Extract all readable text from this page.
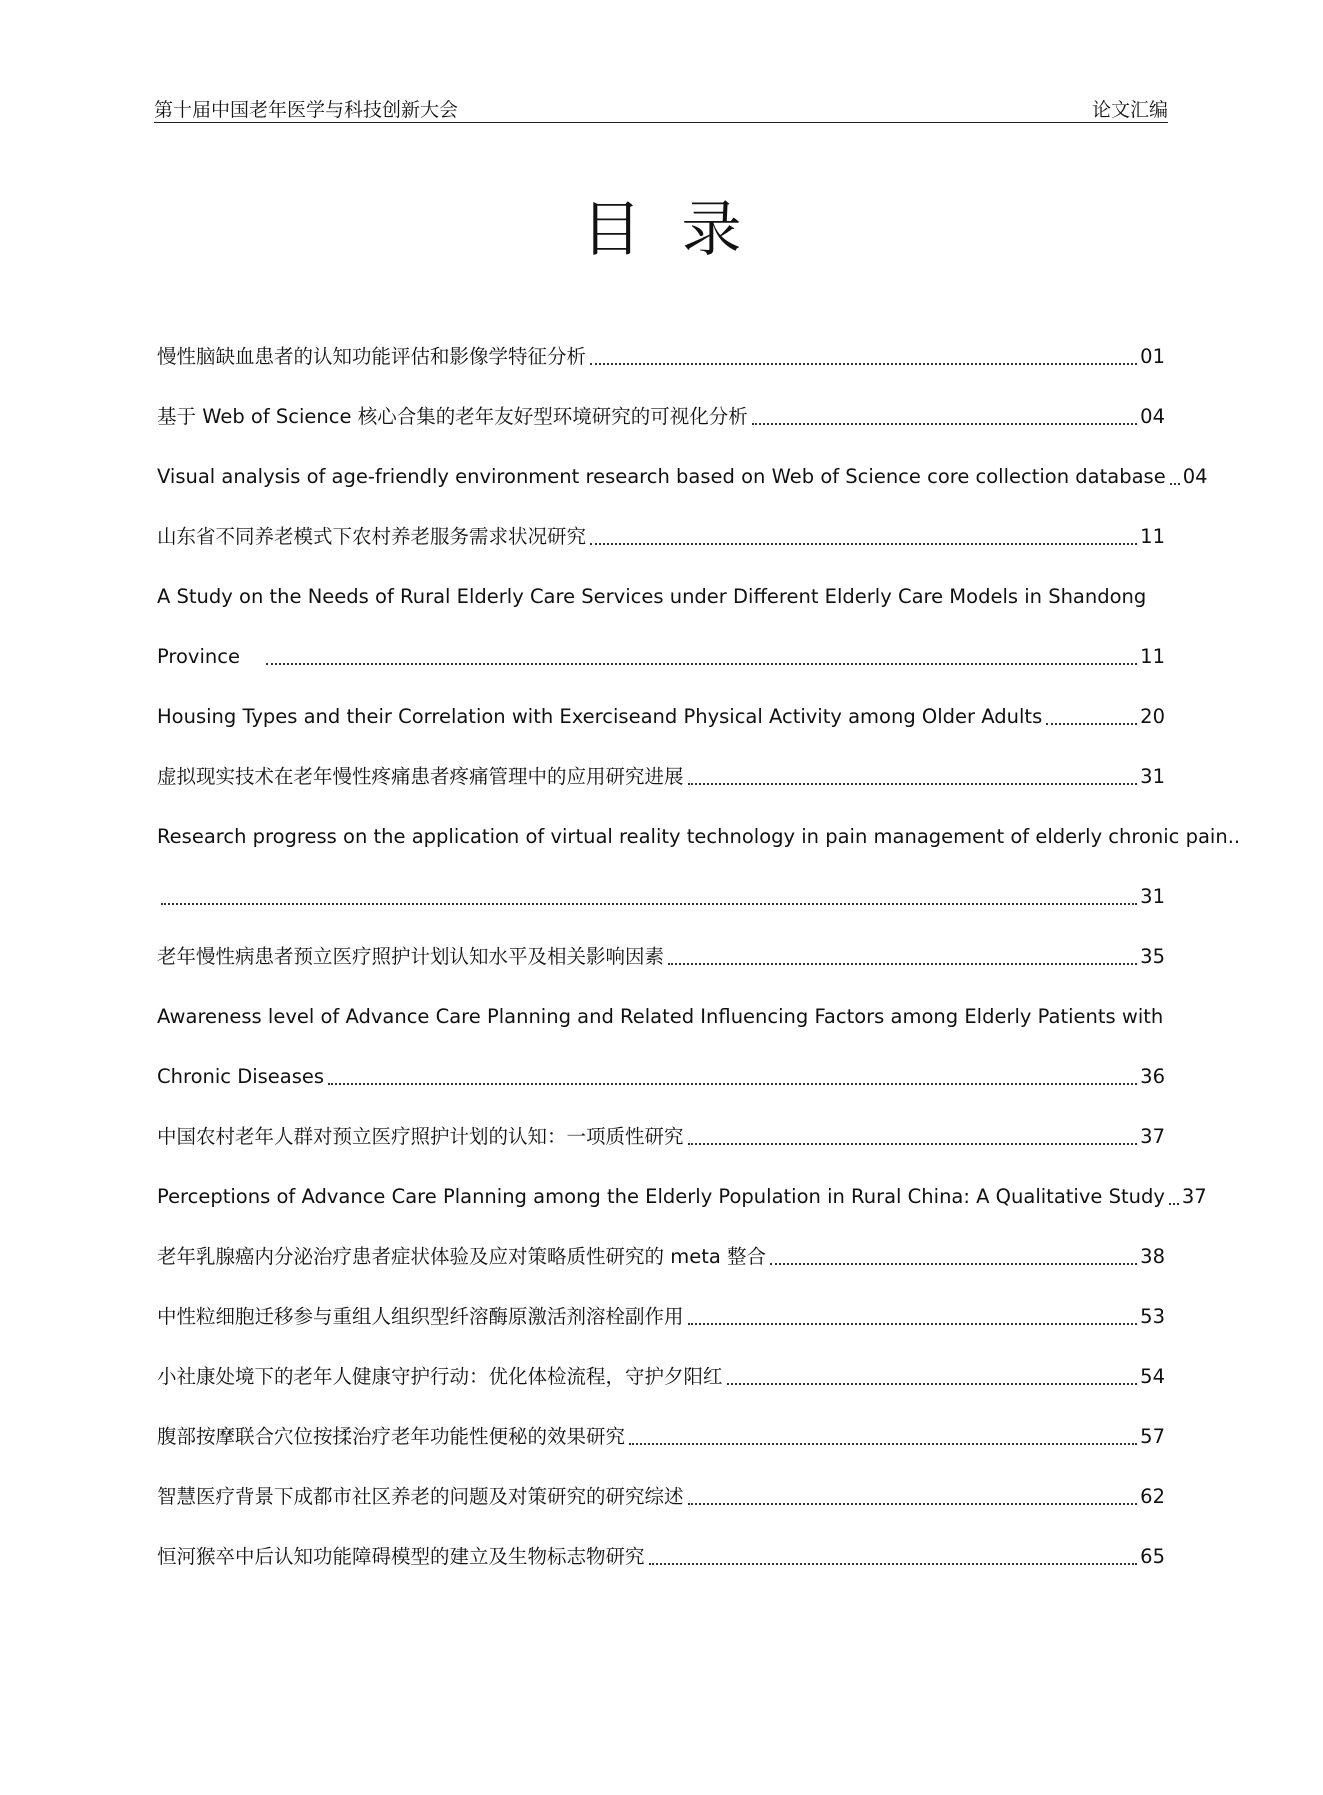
第十届中国老年医学与科技创新大会	论文汇编
目录
慢性脑缺血患者的认知功能评估和影像学特征分析	01
基于 Web of Science 核心合集的老年友好型环境研究的可视化分析	04
Visual analysis of age-friendly environment research based on Web of Science core collection database 04
山东省不同养老模式下农村养老服务需求状况研究	11
A Study on the Needs of Rural Elderly Care Services under Different Elderly Care Models in Shandong
Province	11
Housing Types and their Correlation with Exerciseand Physical Activity among Older Adults	20
虚拟现实技术在老年慢性疼痛患者疼痛管理中的应用研究进展	31
Research progress on the application of virtual reality technology in pain management of elderly chronic pain..
31
老年慢性病患者预立医疗照护计划认知水平及相关影响因素	35
Awareness level of Advance Care Planning and Related Influencing Factors among Elderly Patients with
Chronic Diseases	36
中国农村老年人群对预立医疗照护计划的认知：一项质性研究	37
Perceptions of Advance Care Planning among the Elderly Population in Rural China: A Qualitative Study 37
老年乳腺癌内分泌治疗患者症状体验及应对策略质性研究的 meta 整合	38
中性粒细胞迁移参与重组人组织型纤溶酶原激活剂溶栓副作用	53
小社康处境下的老年人健康守护行动：优化体检流程，守护夕阳红	54
腹部按摩联合穴位按揉治疗老年功能性便秘的效果研究	57
智慧医疗背景下成都市社区养老的问题及对策研究的研究综述	62
恒河猴卒中后认知功能障碍模型的建立及生物标志物研究	65
